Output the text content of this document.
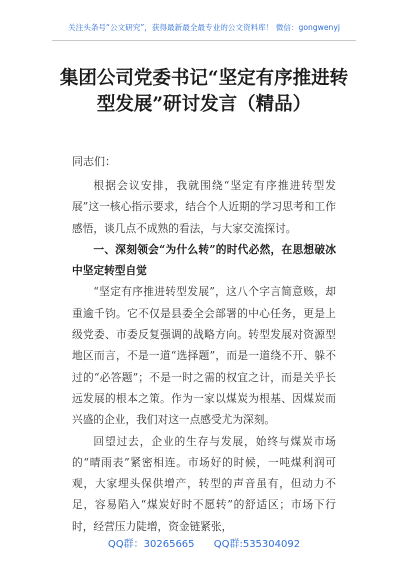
关注头条号“公文研究”，获得最新最全最专业的公文资料库！ 微信：gongwenyj
集团公司党委书记“坚定有序推进转型发展”研讨发言（精品）
同志们：

根据会议安排，我就围绕“坚定有序推进转型发展”这一核心指示要求，结合个人近期的学习思考和工作感悟，谈几点不成熟的看法，与大家交流探讨。

一、深刻领会“为什么转”的时代必然，在思想破冰中坚定转型自觉

“坚定有序推进转型发展”，这八个字言简意赅，却重逾千钧。它不仅是县委全会部署的中心任务，更是上级党委、市委反复强调的战略方向。转型发展对资源型地区而言，不是一道“选择题”，而是一道绕不开、躲不过的“必答题”；不是一时之需的权宜之计，而是关乎长远发展的根本之策。作为一家以煤炭为根基、因煤炭而兴盛的企业，我们对这一点感受尤为深刻。

回望过去，企业的生存与发展，始终与煤炭市场的“晴雨表”紧密相连。市场好的时候，一吨煤利润可观，大家埋头保供增产，转型的声音虽有，但动力不足，容易陷入“煤炭好时不愿转”的舒适区；市场下行时，经营压力陡增，资金链紧张，

QQ群：30265665 QQ群:535304092
